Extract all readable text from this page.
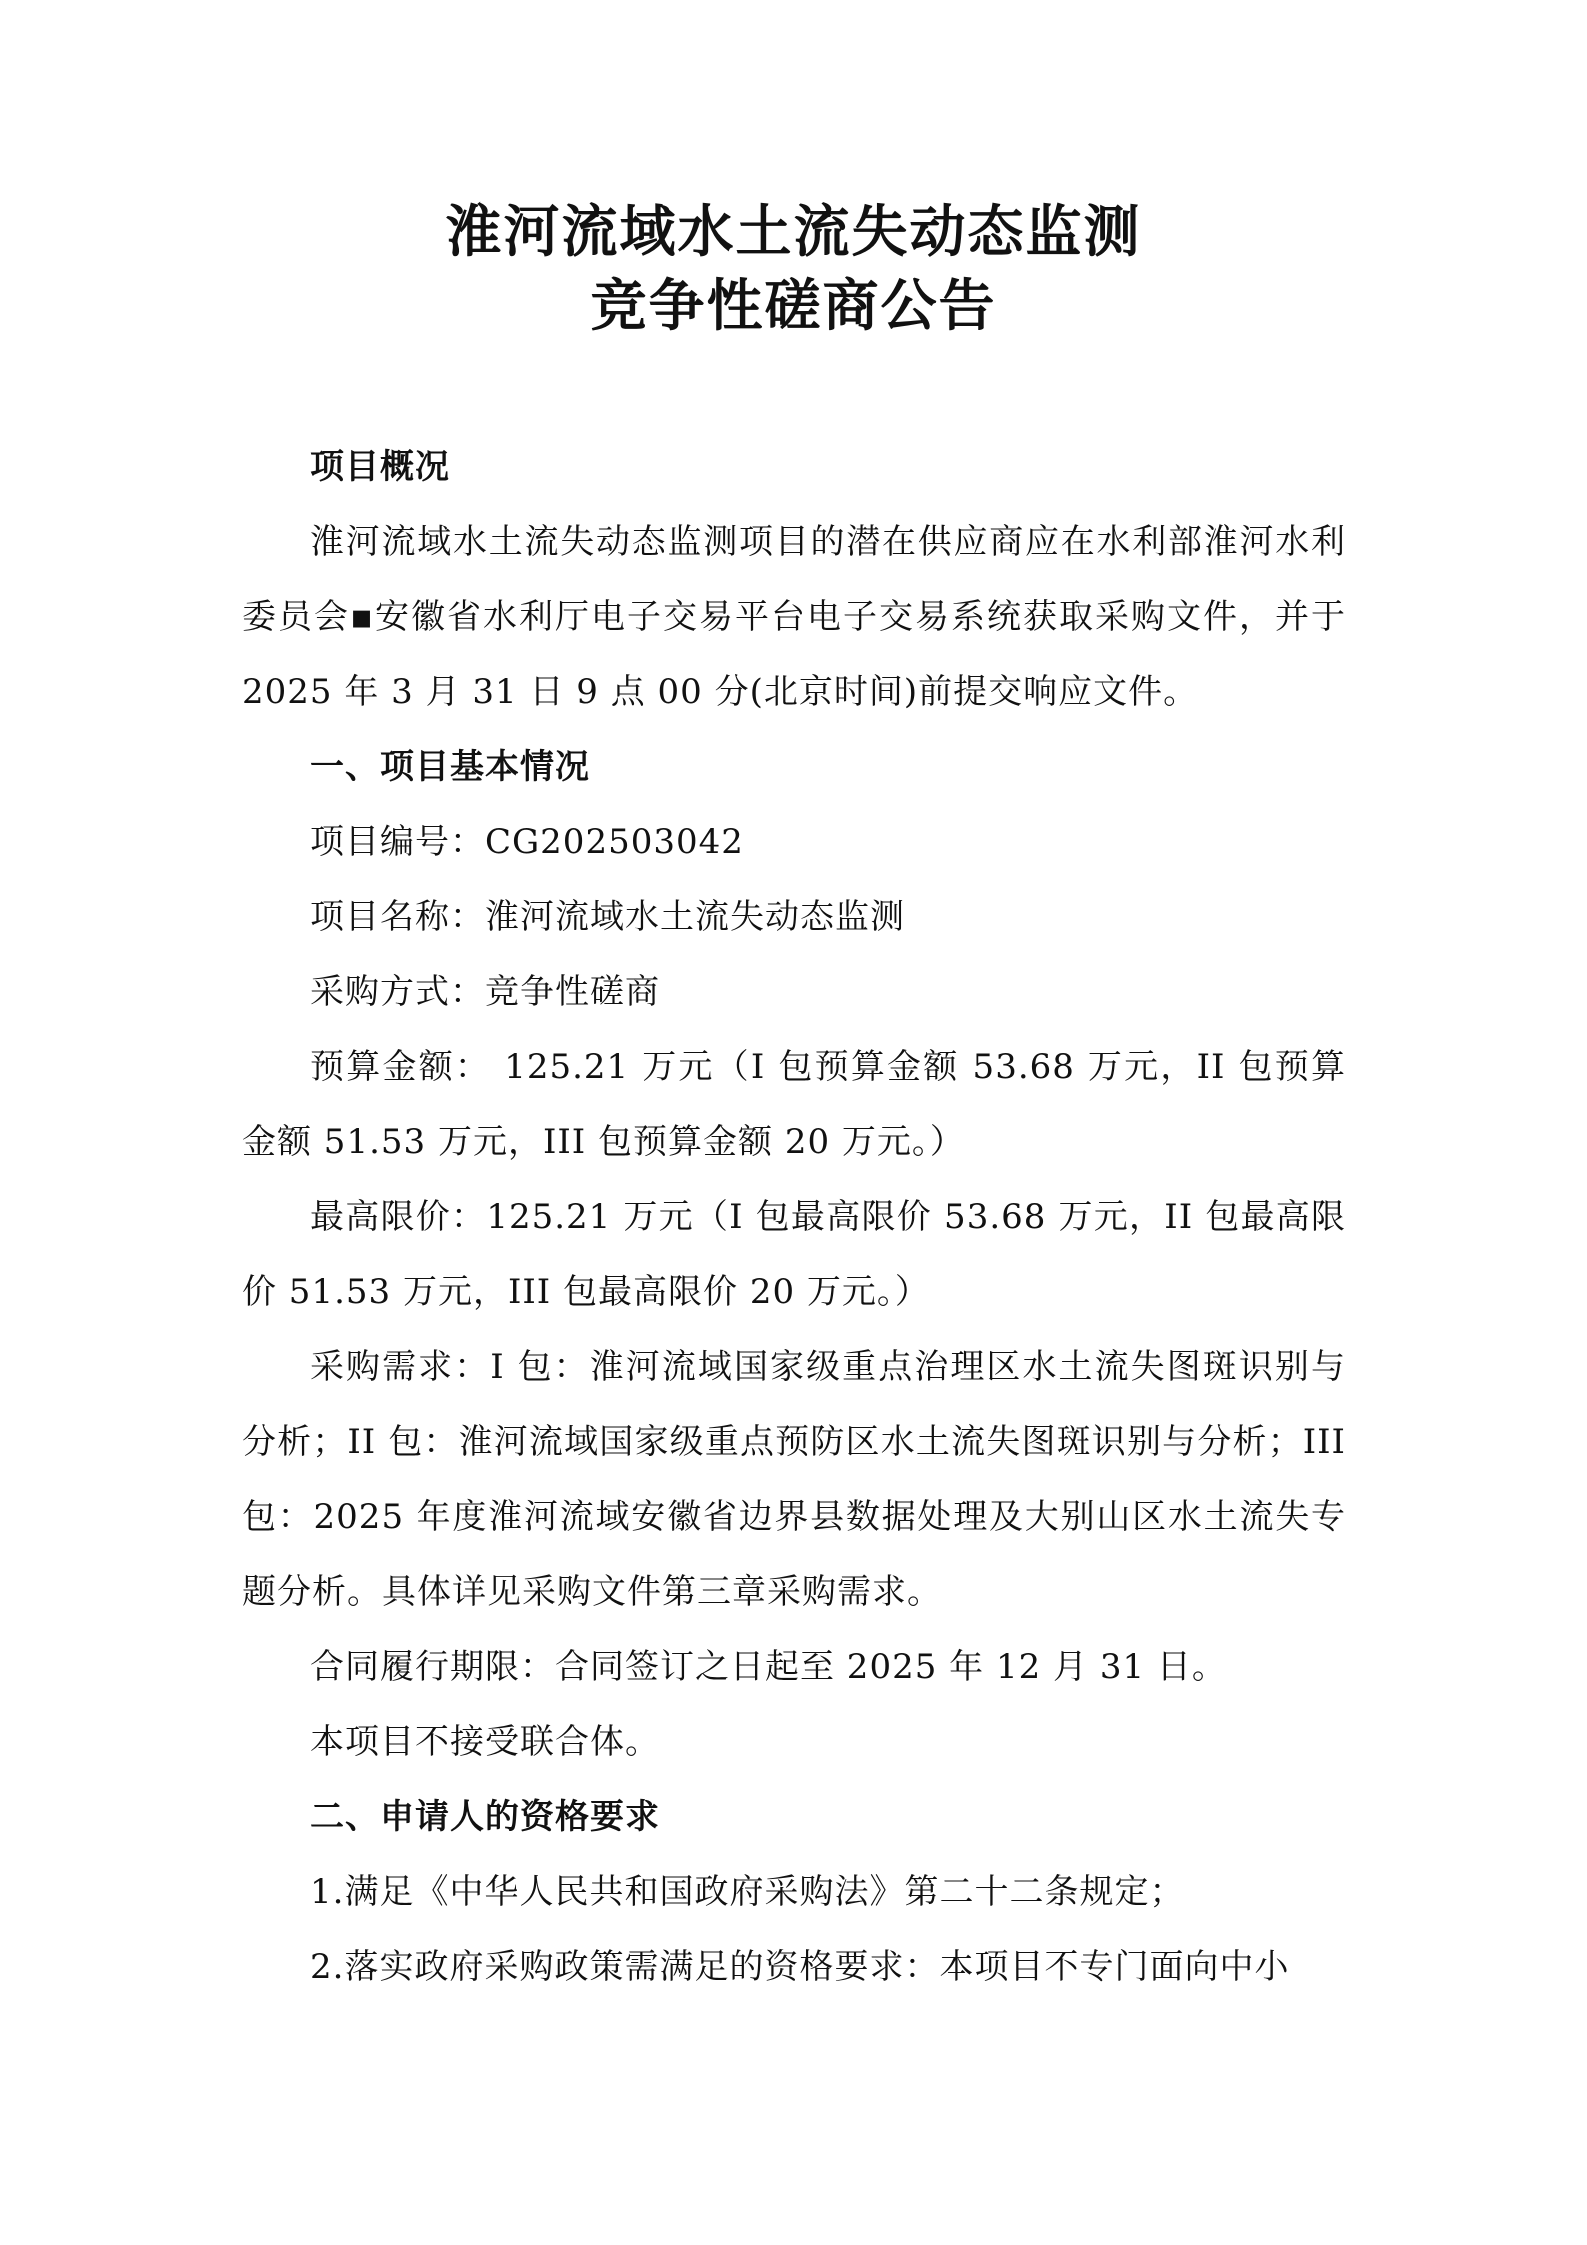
淮河流域水土流失动态监测
竞争性磋商公告

项目概况

淮河流域水土流失动态监测项目的潜在供应商应在水利部淮河水利委员会▪安徽省水利厅电子交易平台电子交易系统获取采购文件，并于 2025 年 3 月 31 日 9 点 00 分(北京时间)前提交响应文件。

一、项目基本情况

项目编号：CG202503042

项目名称：淮河流域水土流失动态监测

采购方式：竞争性磋商

预算金额： 125.21 万元（I 包预算金额 53.68 万元，II 包预算金额 51.53 万元，III 包预算金额 20 万元。）

最高限价：125.21 万元（I 包最高限价 53.68 万元，II 包最高限价 51.53 万元，III 包最高限价 20 万元。）

采购需求：I 包：淮河流域国家级重点治理区水土流失图斑识别与分析；II 包：淮河流域国家级重点预防区水土流失图斑识别与分析；III 包：2025 年度淮河流域安徽省边界县数据处理及大别山区水土流失专题分析。具体详见采购文件第三章采购需求。

合同履行期限：合同签订之日起至 2025 年 12 月 31 日。

本项目不接受联合体。

二、申请人的资格要求

1.满足《中华人民共和国政府采购法》第二十二条规定；

2.落实政府采购政策需满足的资格要求：本项目不专门面向中小
